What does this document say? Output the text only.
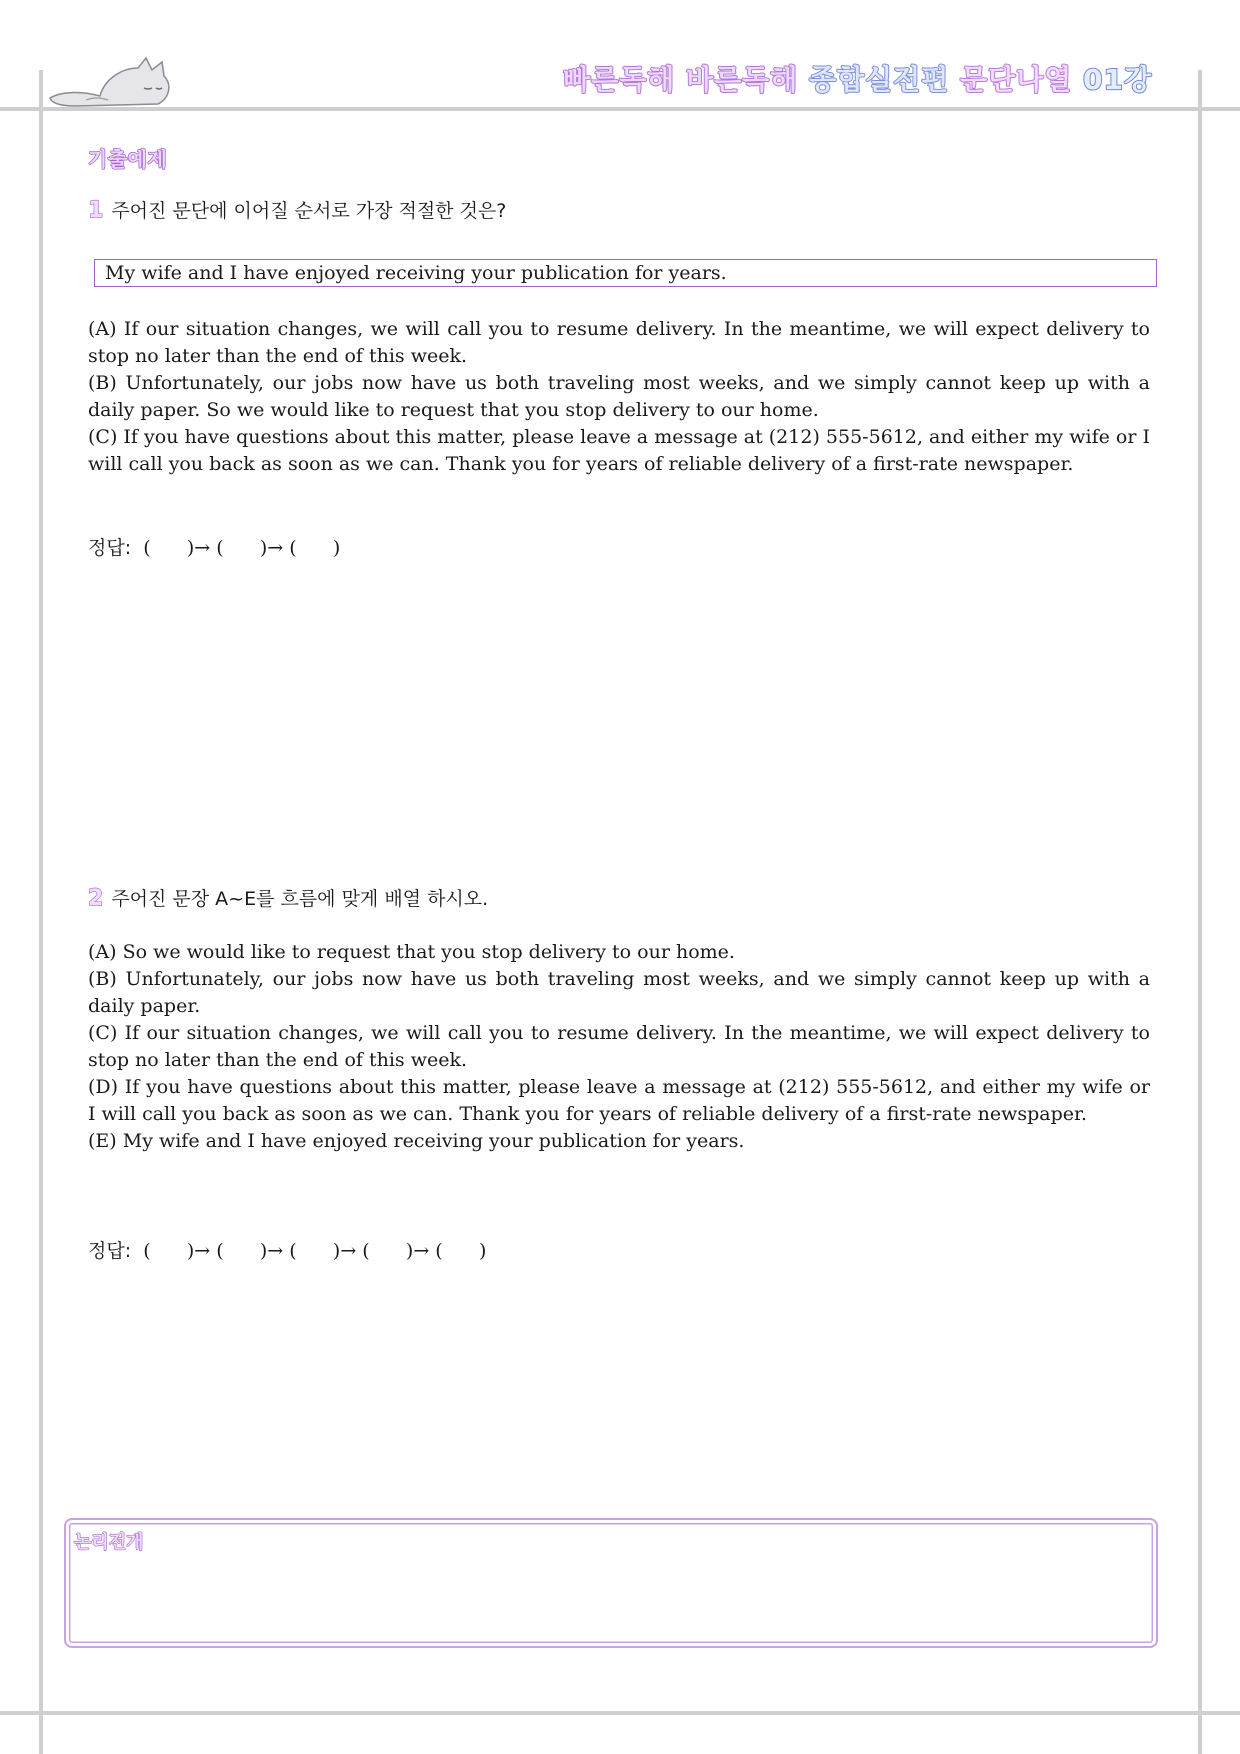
빠른독해 바른독해 종합실전편 문단나열 01강
기출예제
1 주어진 문단에 이어질 순서로 가장 적절한 것은?
My wife and I have enjoyed receiving your publication for years.

(A) If our situation changes, we will call you to resume delivery. In the meantime, we will expect delivery to stop no later than the end of this week.

(B) Unfortunately, our jobs now have us both traveling most weeks, and we simply cannot keep up with a daily paper. So we would like to request that you stop delivery to our home.

(C) If you have questions about this matter, please leave a message at (212) 555-5612, and either my wife or I will call you back as soon as we can. Thank you for years of reliable delivery of a first-rate newspaper.

정답: (      )→ (      )→ (      )
2 주어진 문장 A~E를 흐름에 맞게 배열 하시오.

(A) So we would like to request that you stop delivery to our home.

(B) Unfortunately, our jobs now have us both traveling most weeks, and we simply cannot keep up with a daily paper.

(C) If our situation changes, we will call you to resume delivery. In the meantime, we will expect delivery to stop no later than the end of this week.

(D) If you have questions about this matter, please leave a message at (212) 555-5612, and either my wife or I will call you back as soon as we can. Thank you for years of reliable delivery of a first-rate newspaper.

(E) My wife and I have enjoyed receiving your publication for years.

정답: (      )→ (      )→ (      )→ (      )→ (      )
논리전개
